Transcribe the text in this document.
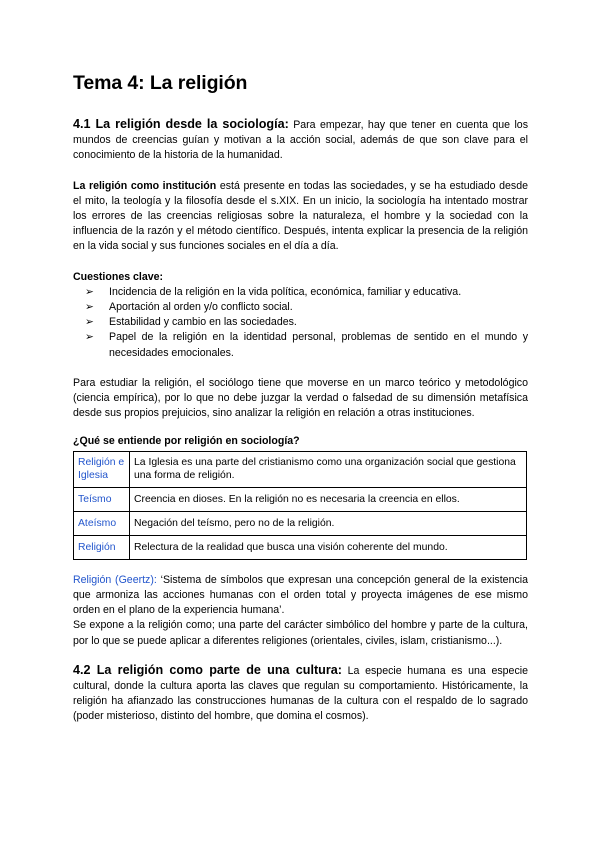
Tema 4: La religión

4.1 La religión desde la sociología: Para empezar, hay que tener en cuenta que los mundos de creencias guían y motivan a la acción social, además de que son clave para el conocimiento de la historia de la humanidad.

La religión como institución está presente en todas las sociedades, y se ha estudiado desde el mito, la teología y la filosofía desde el s.XIX. En un inicio, la sociología ha intentado mostrar los errores de las creencias religiosas sobre la naturaleza, el hombre y la sociedad con la influencia de la razón y el método científico. Después, intenta explicar la presencia de la religión en la vida social y sus funciones sociales en el día a día.

Cuestiones clave:
➢ Incidencia de la religión en la vida política, económica, familiar y educativa.
➢ Aportación al orden y/o conflicto social.
➢ Estabilidad y cambio en las sociedades.
➢ Papel de la religión en la identidad personal, problemas de sentido en el mundo y necesidades emocionales.

Para estudiar la religión, el sociólogo tiene que moverse en un marco teórico y metodológico (ciencia empírica), por lo que no debe juzgar la verdad o falsedad de su dimensión metafísica desde sus propios prejuicios, sino analizar la religión en relación a otras instituciones.

¿Qué se entiende por religión en sociología?
Religión e Iglesia	La Iglesia es una parte del cristianismo como una organización social que gestiona una forma de religión.
Teísmo	Creencia en dioses. En la religión no es necesaria la creencia en ellos.
Ateísmo	Negación del teísmo, pero no de la religión.
Religión	Relectura de la realidad que busca una visión coherente del mundo.

Religión (Geertz): ‘Sistema de símbolos que expresan una concepción general de la existencia que armoniza las acciones humanas con el orden total y proyecta imágenes de ese mismo orden en el plano de la experiencia humana’.

Se expone a la religión como; una parte del carácter simbólico del hombre y parte de la cultura, por lo que se puede aplicar a diferentes religiones (orientales, civiles, islam, cristianismo...).

4.2 La religión como parte de una cultura: La especie humana es una especie cultural, donde la cultura aporta las claves que regulan su comportamiento. Históricamente, la religión ha afianzado las construcciones humanas de la cultura con el respaldo de lo sagrado (poder misterioso, distinto del hombre, que domina el cosmos).
